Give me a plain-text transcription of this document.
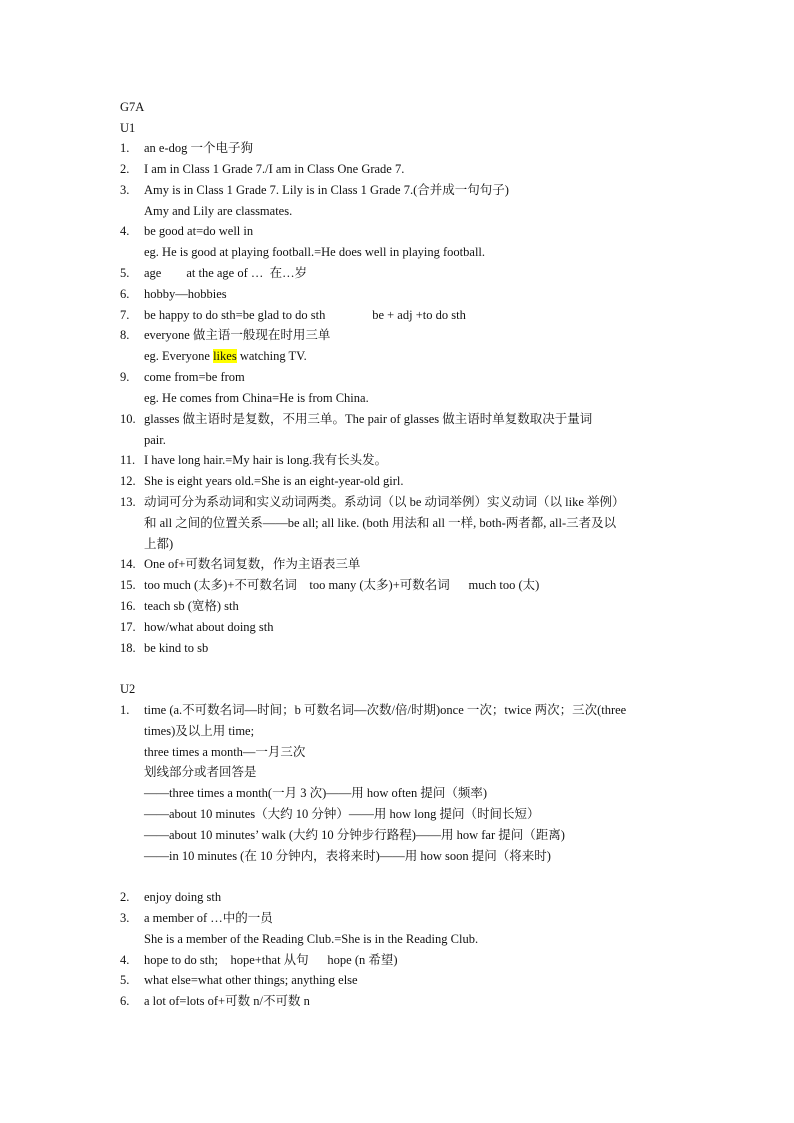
G7A
U1
1.	an e-dog 一个电子狗
2.	I am in Class 1 Grade 7./I am in Class One Grade 7.
3.	Amy is in Class 1 Grade 7. Lily is in Class 1 Grade 7.(合并成一句句子)
Amy and Lily are classmates.
4.	be good at=do well in
eg. He is good at playing football.=He does well in playing football.
5.	age        at the age of …  在…岁
6.	hobby—hobbies
7.	be happy to do sth=be glad to do sth               be + adj +to do sth
8.	everyone 做主语一般现在时用三单
eg. Everyone likes watching TV.
9.	come from=be from
eg. He comes from China=He is from China.
10. glasses 做主语时是复数，不用三单。The pair of glasses 做主语时单复数取决于量词
pair.
11. I have long hair.=My hair is long.我有长头发。
12. She is eight years old.=She is an eight-year-old girl.
13. 动词可分为系动词和实义动词两类。系动词（以 be 动词举例）实义动词（以 like 举例）
和 all 之间的位置关系——be all; all like. (both 用法和 all 一样, both-两者都, all-三者及以
上都)
14. One of+可数名词复数，作为主语表三单
15. too much (太多)+不可数名词    too many (太多)+可数名词      much too (太)
16. teach sb (宽格) sth
17. how/what about doing sth
18. be kind to sb
U2
1.	time (a.不可数名词—时间；b 可数名词—次数/倍/时期)once 一次；twice 两次；三次(three
times)及以上用 time;
three times a month—一月三次
划线部分或者回答是
——three times a month(一月 3 次)——用 how often 提问（频率)
——about 10 minutes（大约 10 分钟）——用 how long 提问（时间长短）
——about 10 minutes’ walk (大约 10 分钟步行路程)——用 how far 提问（距离)
——in 10 minutes (在 10 分钟内，表将来时)——用 how soon 提问（将来时)
2.	enjoy doing sth
3.	a member of …中的一员
She is a member of the Reading Club.=She is in the Reading Club.
4.	hope to do sth;    hope+that 从句      hope (n 希望)
5.	what else=what other things; anything else
6.	a lot of=lots of+可数 n/不可数 n
